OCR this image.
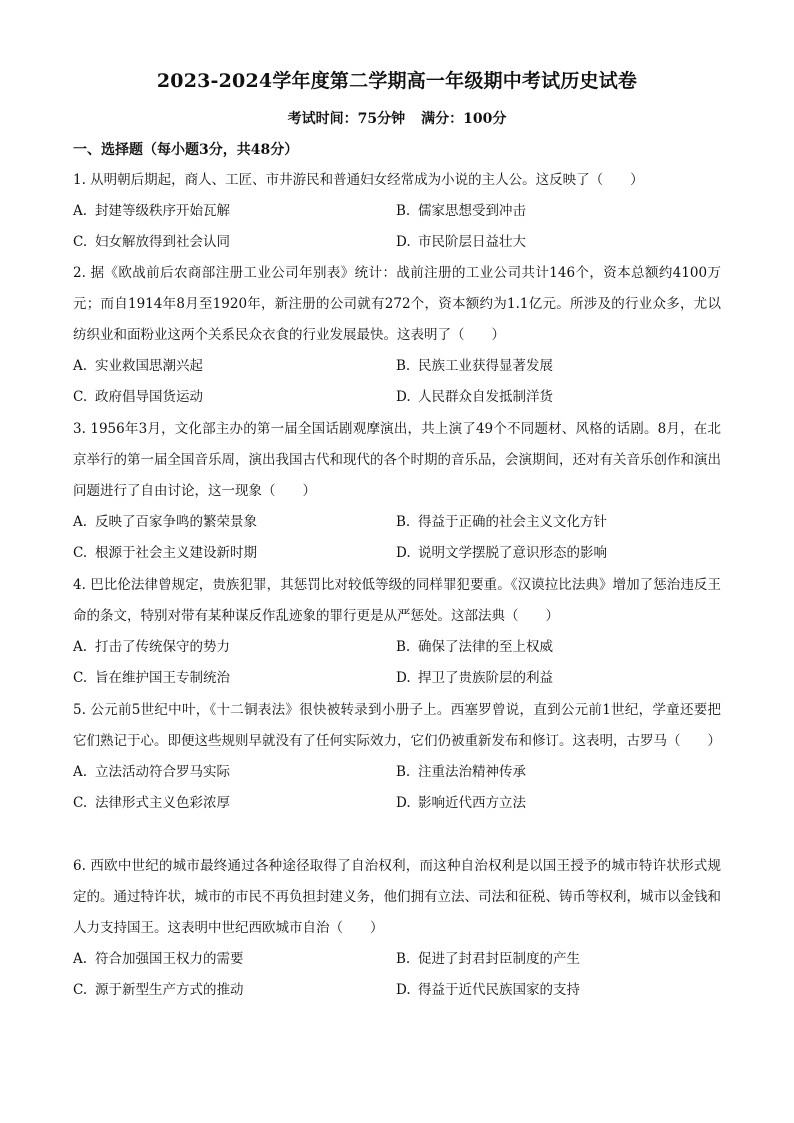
2023-2024学年度第二学期高一年级期中考试历史试卷
考试时间：75分钟 满分：100分
一、选择题（每小题3分，共48分）
1. 从明朝后期起，商人、工匠、市井游民和普通妇女经常成为小说的主人公。这反映了（　　）
A. 封建等级秩序开始瓦解	B. 儒家思想受到冲击
C. 妇女解放得到社会认同	D. 市民阶层日益壮大
2. 据《欧战前后农商部注册工业公司年别表》统计：战前注册的工业公司共计146个，资本总额约4100万元；而自1914年8月至1920年，新注册的公司就有272个，资本额约为1.1亿元。所涉及的行业众多，尤以纺织业和面粉业这两个关系民众衣食的行业发展最快。这表明了（　　）
A. 实业救国思潮兴起	B. 民族工业获得显著发展
C. 政府倡导国货运动	D. 人民群众自发抵制洋货
3. 1956年3月，文化部主办的第一届全国话剧观摩演出，共上演了49个不同题材、风格的话剧。8月，在北京举行的第一届全国音乐周，演出我国古代和现代的各个时期的音乐品，会演期间，还对有关音乐创作和演出问题进行了自由讨论，这一现象（　　）
A. 反映了百家争鸣的繁荣景象	B. 得益于正确的社会主义文化方针
C. 根源于社会主义建设新时期	D. 说明文学摆脱了意识形态的影响
4. 巴比伦法律曾规定，贵族犯罪，其惩罚比对较低等级的同样罪犯要重。《汉谟拉比法典》增加了惩治违反王命的条文，特别对带有某种谋反作乱迹象的罪行更是从严惩处。这部法典（　　）
A. 打击了传统保守的势力	B. 确保了法律的至上权威
C. 旨在维护国王专制统治	D. 捍卫了贵族阶层的利益
5. 公元前5世纪中叶，《十二铜表法》很快被转录到小册子上。西塞罗曾说，直到公元前1世纪，学童还要把它们熟记于心。即便这些规则早就没有了任何实际效力，它们仍被重新发布和修订。这表明，古罗马（　　）
A. 立法活动符合罗马实际	B. 注重法治精神传承
C. 法律形式主义色彩浓厚	D. 影响近代西方立法
6. 西欧中世纪的城市最终通过各种途径取得了自治权利，而这种自治权利是以国王授予的城市特许状形式规定的。通过特许状，城市的市民不再负担封建义务，他们拥有立法、司法和征税、铸币等权利，城市以金钱和人力支持国王。这表明中世纪西欧城市自治（　　）
A. 符合加强国王权力的需要	B. 促进了封君封臣制度的产生
C. 源于新型生产方式的推动	D. 得益于近代民族国家的支持
